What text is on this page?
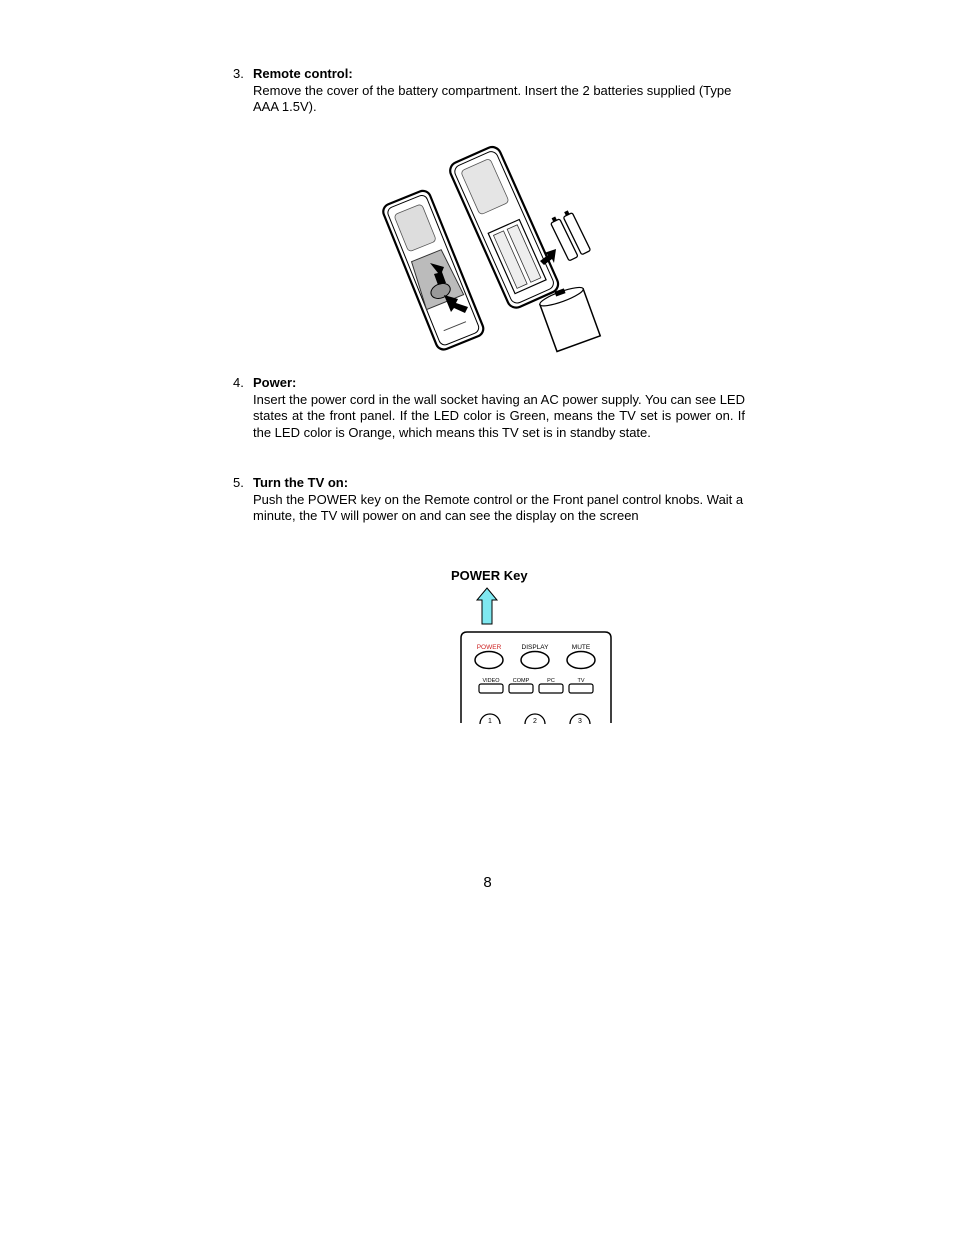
3. Remote control:
Remove the cover of the battery compartment. Insert the 2 batteries supplied (Type AAA 1.5V).
4. Power:
Insert the power cord in the wall socket having an AC power supply. You can see LED states at the front panel. If the LED color is Green, means the TV set is power on. If the LED color is Orange, which means this TV set is in standby state.
5. Turn the TV on:
Push the POWER key on the Remote control or the Front panel control knobs. Wait a minute, the TV will power on and can see the display on the screen
POWER Key
POWER	DISPLAY	MUTE
VIDEO COMP	PC	TV
1	2	3
8
